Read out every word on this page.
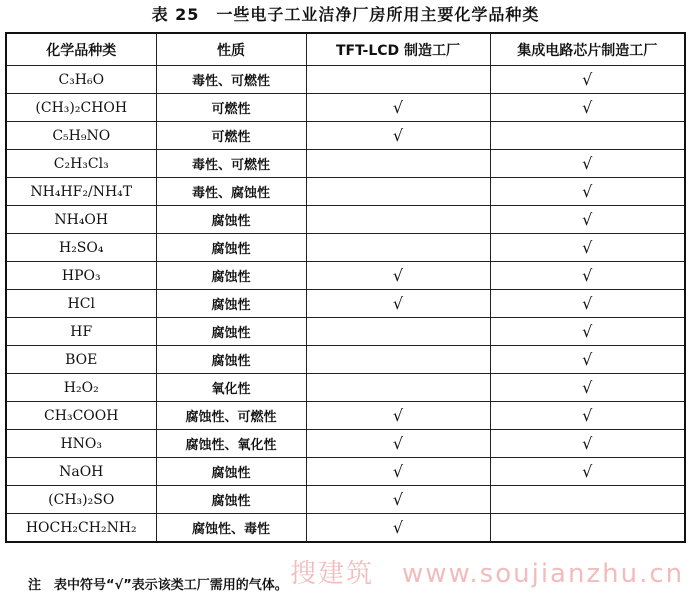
表 25　一些电子工业洁净厂房所用主要化学品种类
化学品种类	性质	TFT-LCD 制造工厂	集成电路芯片制造工厂
C₃H₆O	毒性、可燃性		√
(CH₃)₂CHOH	可燃性	√	√
C₅H₉NO	可燃性	√	
C₂H₃Cl₃	毒性、可燃性		√
NH₄HF₂/NH₄T	毒性、腐蚀性		√
NH₄OH	腐蚀性		√
H₂SO₄	腐蚀性		√
HPO₃	腐蚀性	√	√
HCl	腐蚀性	√	√
HF	腐蚀性		√
BOE	腐蚀性		√
H₂O₂	氧化性		√
CH₃COOH	腐蚀性、可燃性	√	√
HNO₃	腐蚀性、氧化性	√	√
NaOH	腐蚀性	√	√
(CH₃)₂SO	腐蚀性	√	
HOCH₂CH₂NH₂	腐蚀性、毒性	√	
注　表中符号“√”表示该类工厂需用的气体。 搜建筑　www.soujianzhu.cn
